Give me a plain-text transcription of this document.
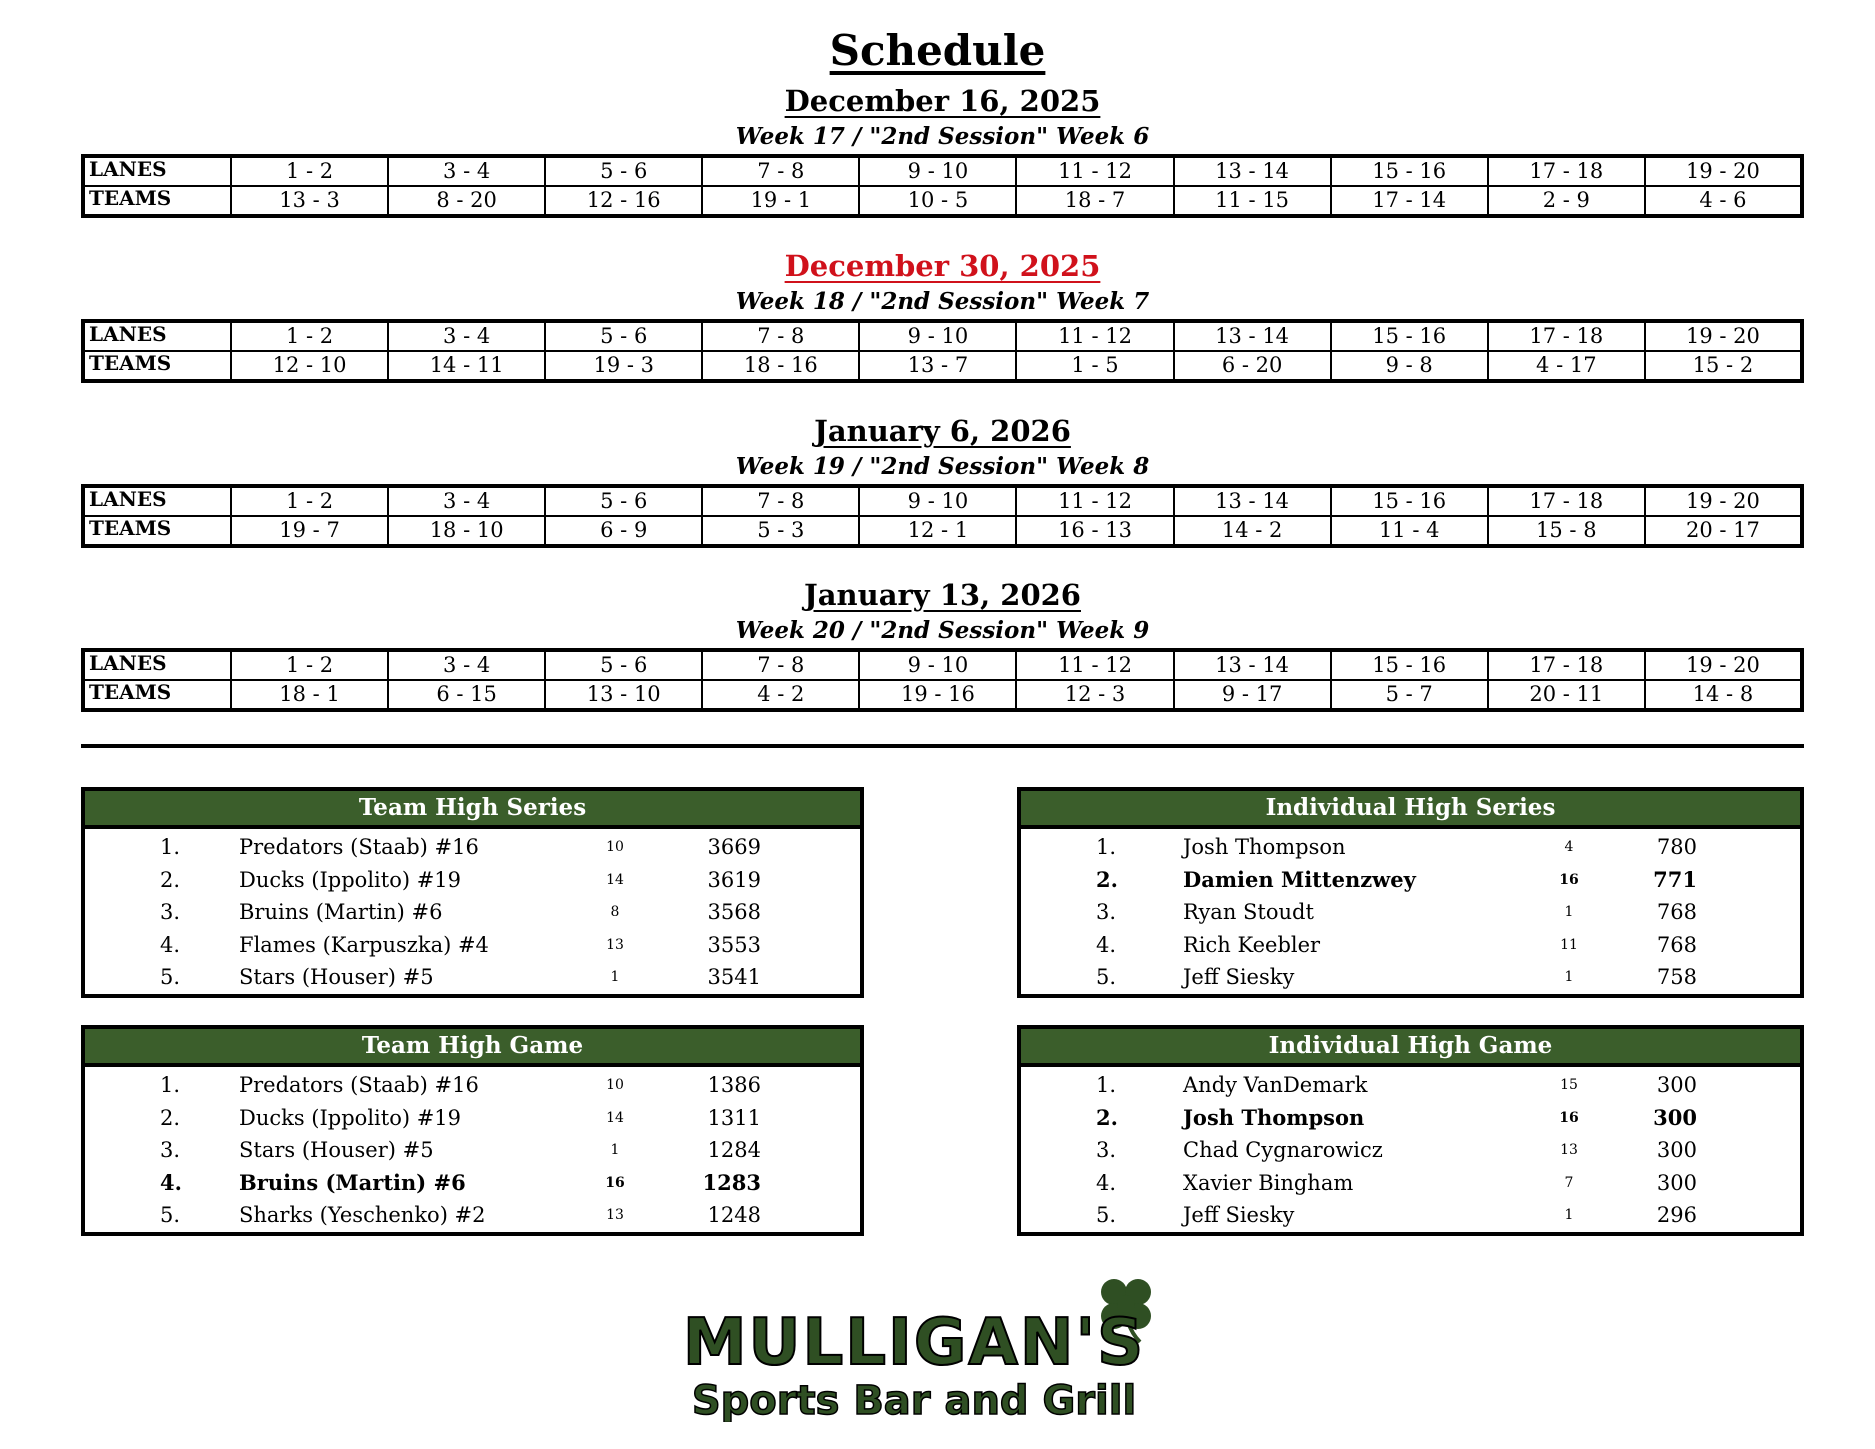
Schedule
December 16, 2025
Week 17 / "2nd Session" Week 6
LANES	1 - 2	3 - 4	5 - 6	7 - 8	9 - 10	11 - 12	13 - 14	15 - 16	17 - 18	19 - 20
TEAMS	13 - 3	8 - 20	12 - 16	19 - 1	10 - 5	18 - 7	11 - 15	17 - 14	2 - 9	4 - 6
December 30, 2025
Week 18 / "2nd Session" Week 7
LANES	1 - 2	3 - 4	5 - 6	7 - 8	9 - 10	11 - 12	13 - 14	15 - 16	17 - 18	19 - 20
TEAMS	12 - 10	14 - 11	19 - 3	18 - 16	13 - 7	1 - 5	6 - 20	9 - 8	4 - 17	15 - 2
January 6, 2026
Week 19 / "2nd Session" Week 8
LANES	1 - 2	3 - 4	5 - 6	7 - 8	9 - 10	11 - 12	13 - 14	15 - 16	17 - 18	19 - 20
TEAMS	19 - 7	18 - 10	6 - 9	5 - 3	12 - 1	16 - 13	14 - 2	11 - 4	15 - 8	20 - 17
January 13, 2026
Week 20 / "2nd Session" Week 9
LANES	1 - 2	3 - 4	5 - 6	7 - 8	9 - 10	11 - 12	13 - 14	15 - 16	17 - 18	19 - 20
TEAMS	18 - 1	6 - 15	13 - 10	4 - 2	19 - 16	12 - 3	9 - 17	5 - 7	20 - 11	14 - 8
Team High Series
1.	Predators (Staab) #16	10	3669
2.	Ducks (Ippolito) #19	14	3619
3.	Bruins (Martin) #6	8	3568
4.	Flames (Karpuszka) #4	13	3553
5.	Stars (Houser) #5	1	3541
Individual High Series
1.	Josh Thompson	4	780
2.	Damien Mittenzwey	16	771
3.	Ryan Stoudt	1	768
4.	Rich Keebler	11	768
5.	Jeff Siesky	1	758
Team High Game
1.	Predators (Staab) #16	10	1386
2.	Ducks (Ippolito) #19	14	1311
3.	Stars (Houser) #5	1	1284
4.	Bruins (Martin) #6	16	1283
5.	Sharks (Yeschenko) #2	13	1248
Individual High Game
1.	Andy VanDemark	15	300
2.	Josh Thompson	16	300
3.	Chad Cygnarowicz	13	300
4.	Xavier Bingham	7	300
5.	Jeff Siesky	1	296
MULLIGAN'S
Sports Bar and Grill
